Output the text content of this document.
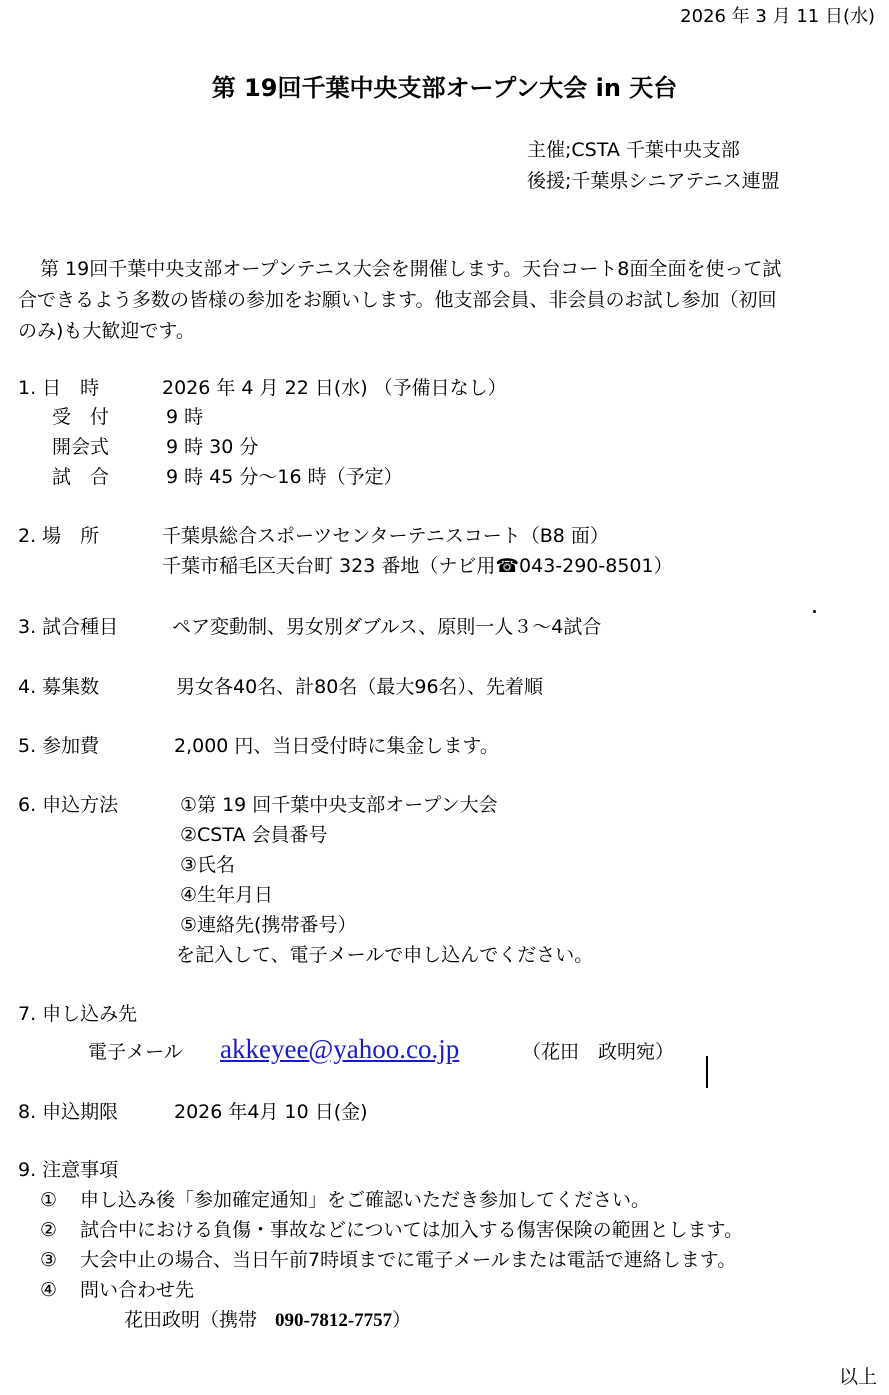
2026 年 3 月 11 日(水)
第 19回千葉中央支部オープン大会 in 天台
主催;CSTA 千葉中央支部
後援;千葉県シニアテニス連盟
第 19回千葉中央支部オープンテニス大会を開催します。天台コート8面全面を使って試
合できるよう多数の皆様の参加をお願いします。他支部会員、非会員のお試し参加（初回
のみ)も大歓迎です。
1. 日　時	2026 年 4 月 22 日(水) （予備日なし）
受　付	9 時
開会式	9 時 30 分
試　合	9 時 45 分～16 時（予定）
2. 場　所	千葉県総合スポーツセンターテニスコート（B8 面）
千葉市稲毛区天台町 323 番地（ナビ用☎043-290-8501）
3. 試合種目	ペア変動制、男女別ダブルス、原則一人３～4試合
4. 募集数	男女各40名、計80名（最大96名）、先着順
5. 参加費	2,000 円、当日受付時に集金します。
6. 申込方法	①第 19 回千葉中央支部オープン大会
②CSTA 会員番号
③氏名
④生年月日
⑤連絡先(携帯番号）
を記入して、電子メールで申し込んでください。
7. 申し込み先
電子メール akkeyee@yahoo.co.jp	（花田　政明宛）
8. 申込期限	2026 年4月 10 日(金)
9. 注意事項
① 申し込み後「参加確定通知」をご確認いただき参加してください。
② 試合中における負傷・事故などについては加入する傷害保険の範囲とします。
③ 大会中止の場合、当日午前7時頃までに電子メールまたは電話で連絡します。
④ 問い合わせ先
花田政明（携帯 090-7812-7757）
以上
